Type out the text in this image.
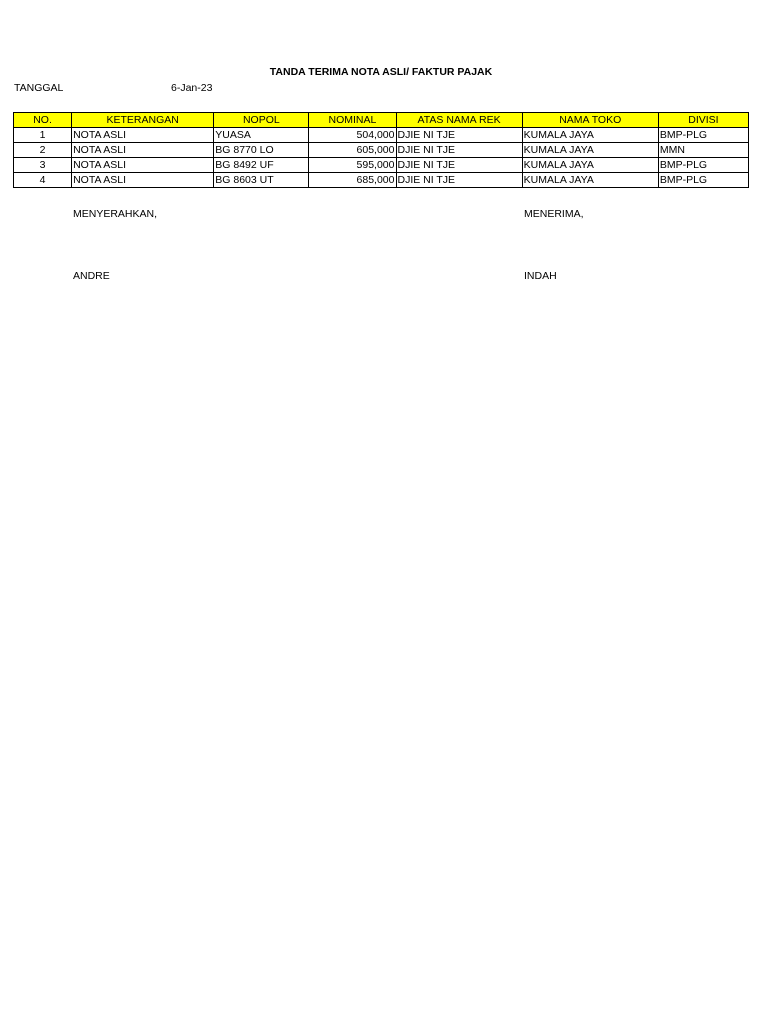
TANDA TERIMA NOTA ASLI/ FAKTUR PAJAK
TANGGAL	6-Jan-23
NO.	KETERANGAN	NOPOL	NOMINAL	ATAS NAMA REK	NAMA TOKO	DIVISI
1	NOTA ASLI	YUASA	504,000	DJIE NI TJE	KUMALA JAYA	BMP-PLG
2	NOTA ASLI	BG 8770 LO	605,000	DJIE NI TJE	KUMALA JAYA	MMN
3	NOTA ASLI	BG 8492 UF	595,000	DJIE NI TJE	KUMALA JAYA	BMP-PLG
4	NOTA ASLI	BG 8603 UT	685,000	DJIE NI TJE	KUMALA JAYA	BMP-PLG
MENYERAHKAN,	MENERIMA,
ANDRE	INDAH
